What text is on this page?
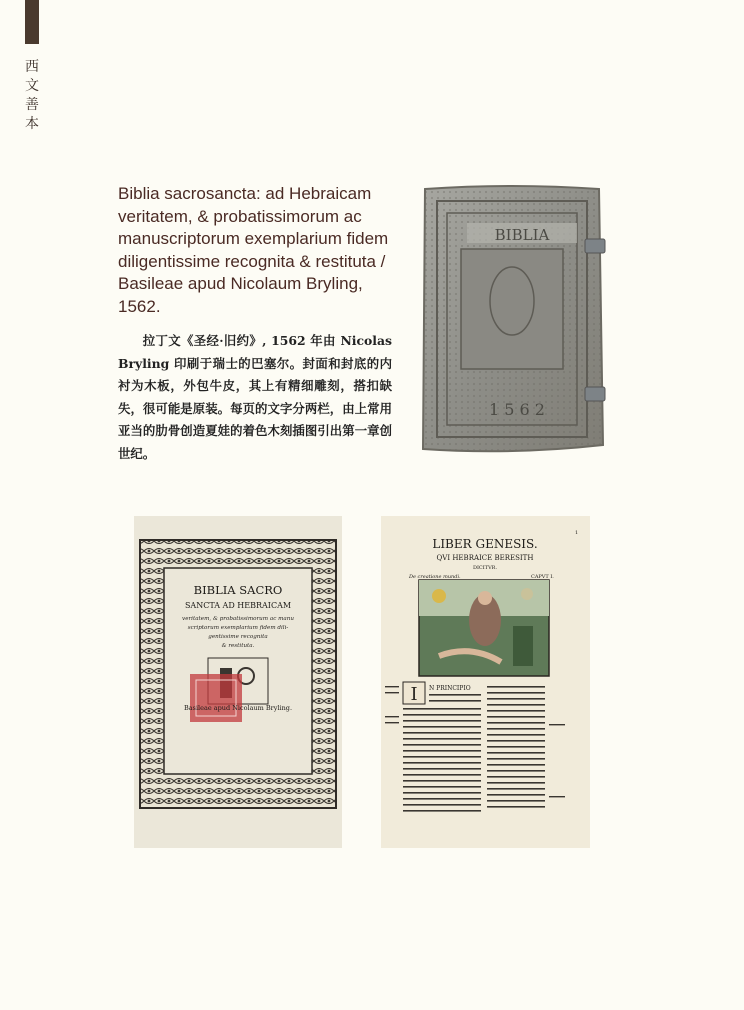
西文善本
Biblia sacrosancta: ad Hebraicam veritatem, & probatissimorum ac manuscriptorum exemplarium fidem diligentissime recognita & restituta / Basileae apud Nicolaum Bryling, 1562.
拉丁文《圣经·旧约》, 1562 年由 Nicolas Bryling 印刷于瑞士的巴塞尔。封面和封底的内衬为木板，外包牛皮，其上有精细雕刻，搭扣缺失，很可能是原装。每页的文字分两栏，由上常用亚当的肋骨创造夏娃的着色木刻插图引出第一章创世纪。
BIBLIA
1 5 6 2
BIBLIA SACRO
SANCTA AD HEBRAICAM
veritatem, & probatissimorum ac manu
scriptorum exemplarium fidem dili-
gentissime recognita
& restituta.
Basileae apud Nicolaum Bryling.
LIBER GENESIS.
QVI HEBRAICE BERESITH
DICITVR.
De creatione mundi.	CAPVT I.
1
I N PRINCIPIO
